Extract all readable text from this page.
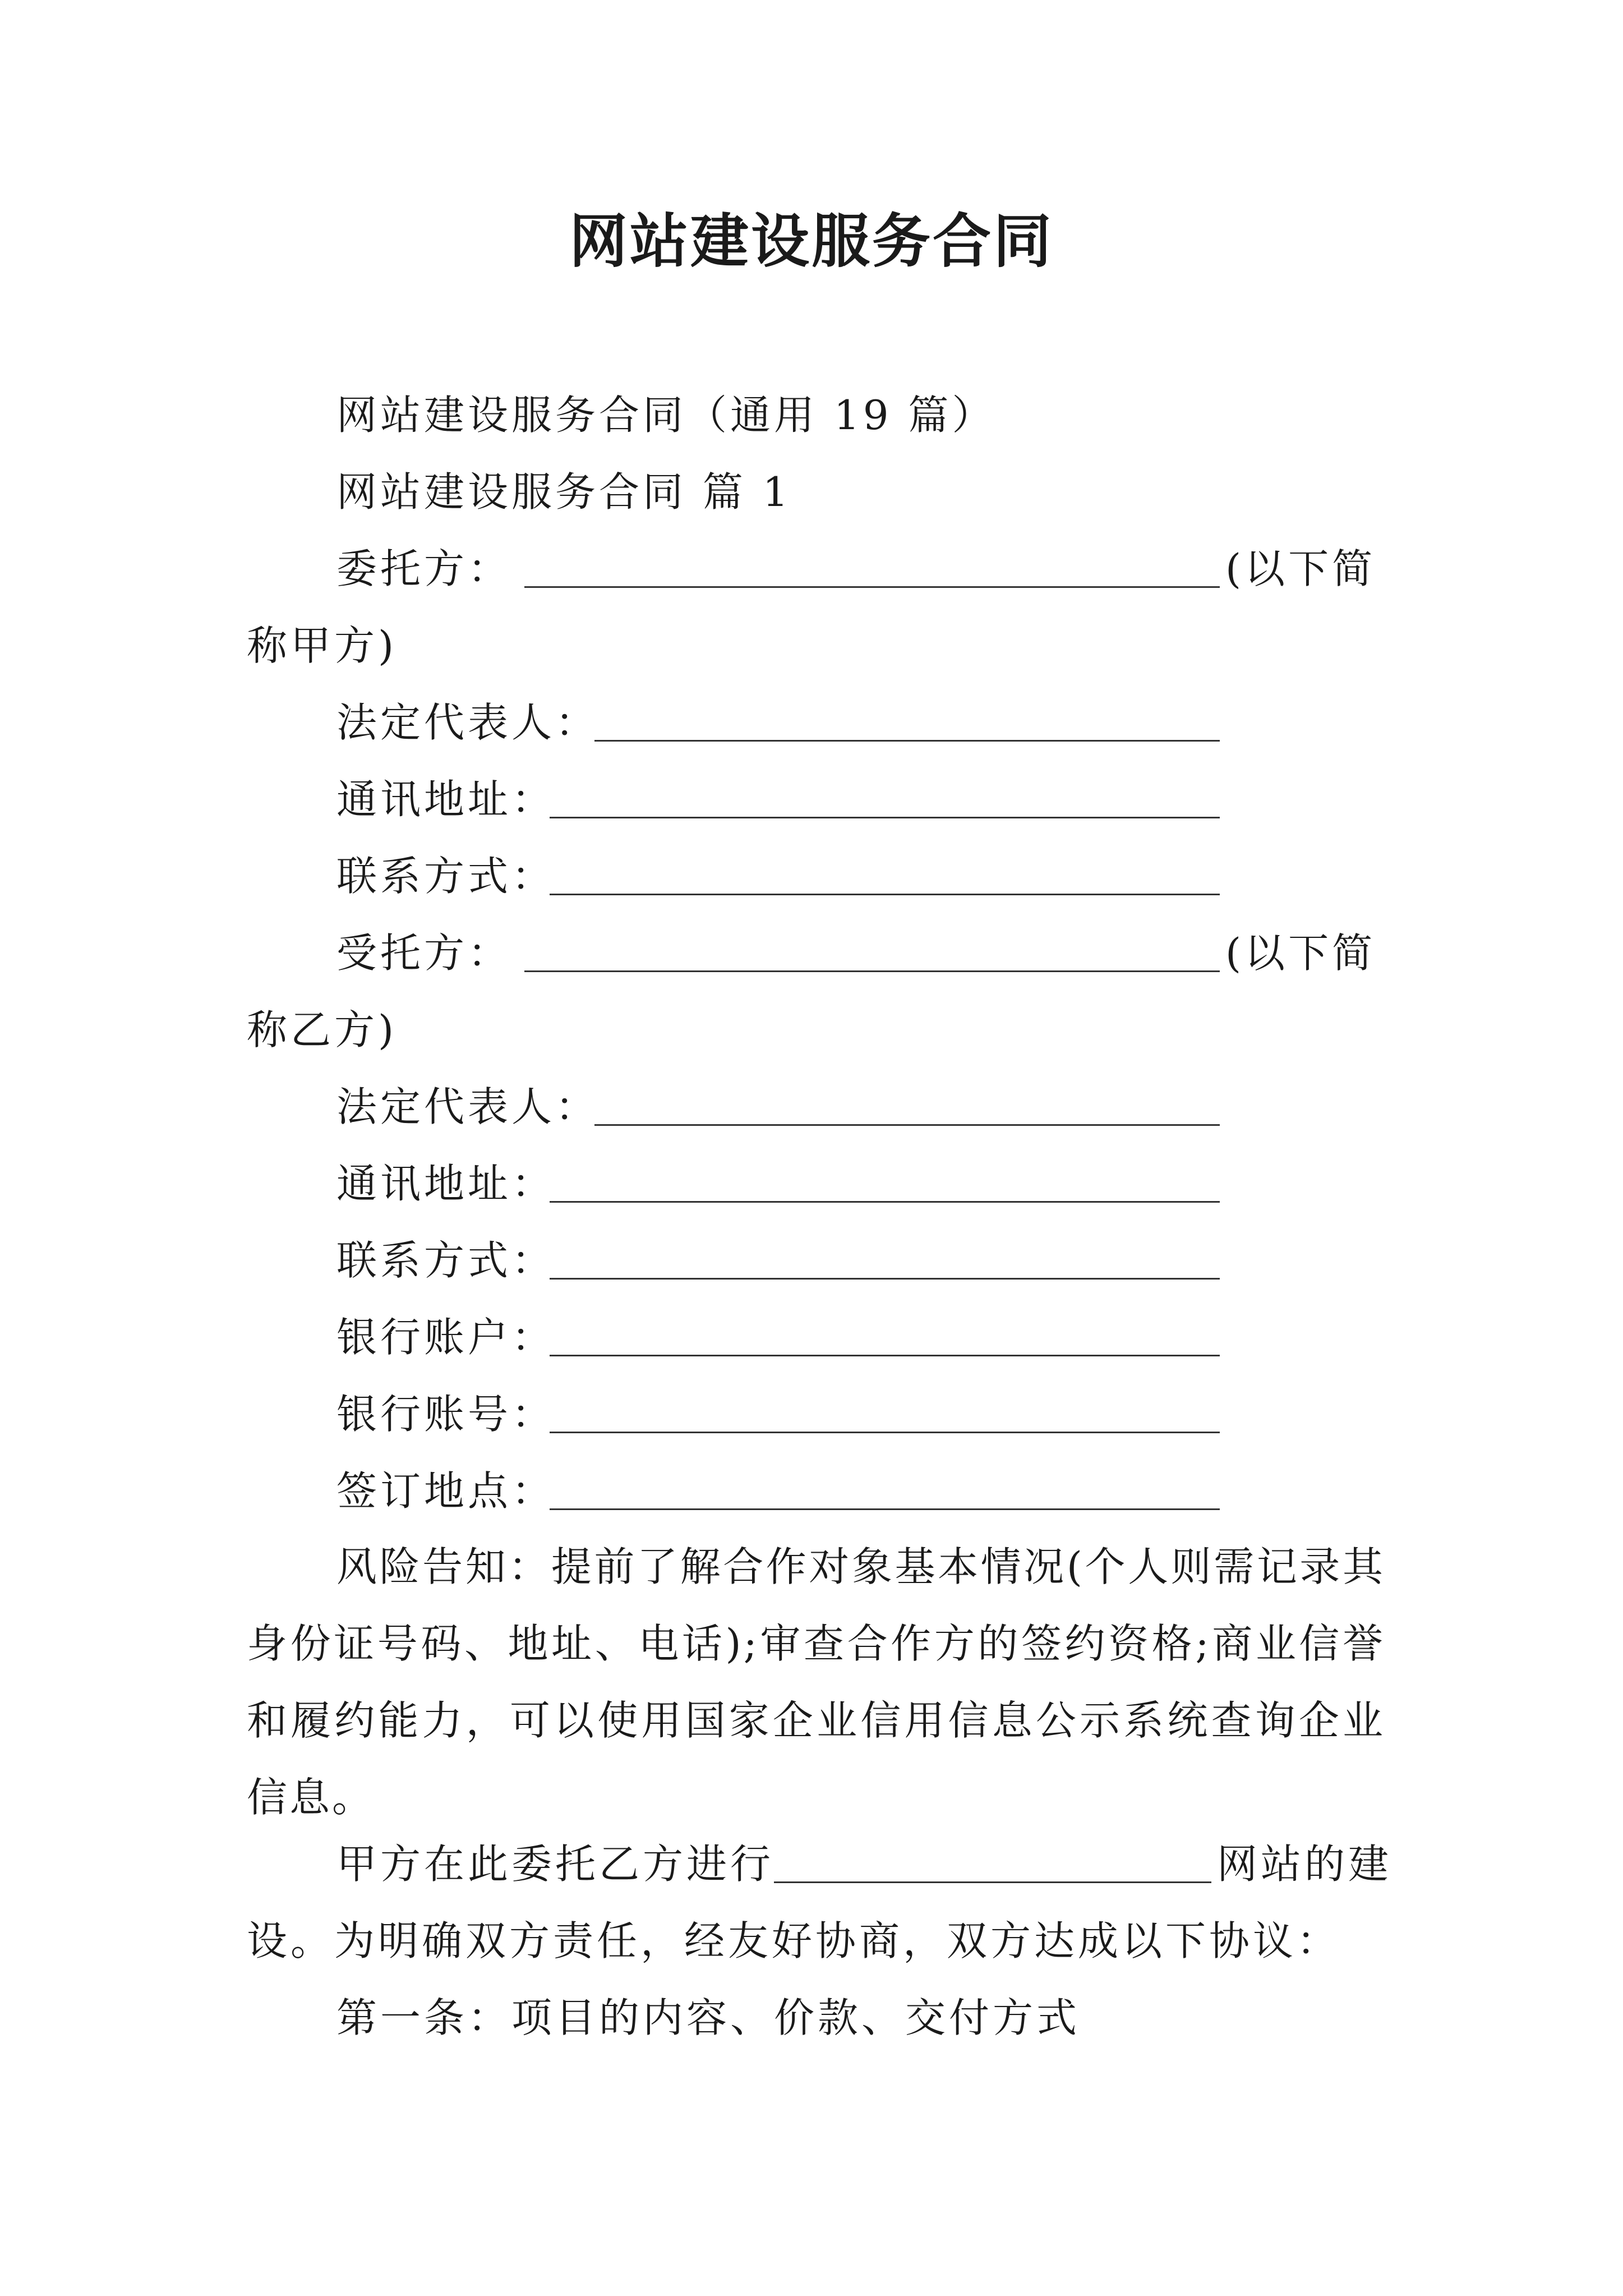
网站建设服务合同
网站建设服务合同（通用 19 篇）
网站建设服务合同 篇 1
委托方：	(以下简
称甲方)
法定代表人：
通讯地址：
联系方式：
受托方：	(以下简
称乙方)
法定代表人：
通讯地址：
联系方式：
银行账户：
银行账号：
签订地点：
风险告知：提前了解合作对象基本情况(个人则需记录其身份证号码、地址、电话);审查合作方的签约资格;商业信誉和履约能力，可以使用国家企业信用信息公示系统查询企业信息。
甲方在此委托乙方进行	网站的建
设。为明确双方责任，经友好协商，双方达成以下协议：
第一条：项目的内容、价款、交付方式
